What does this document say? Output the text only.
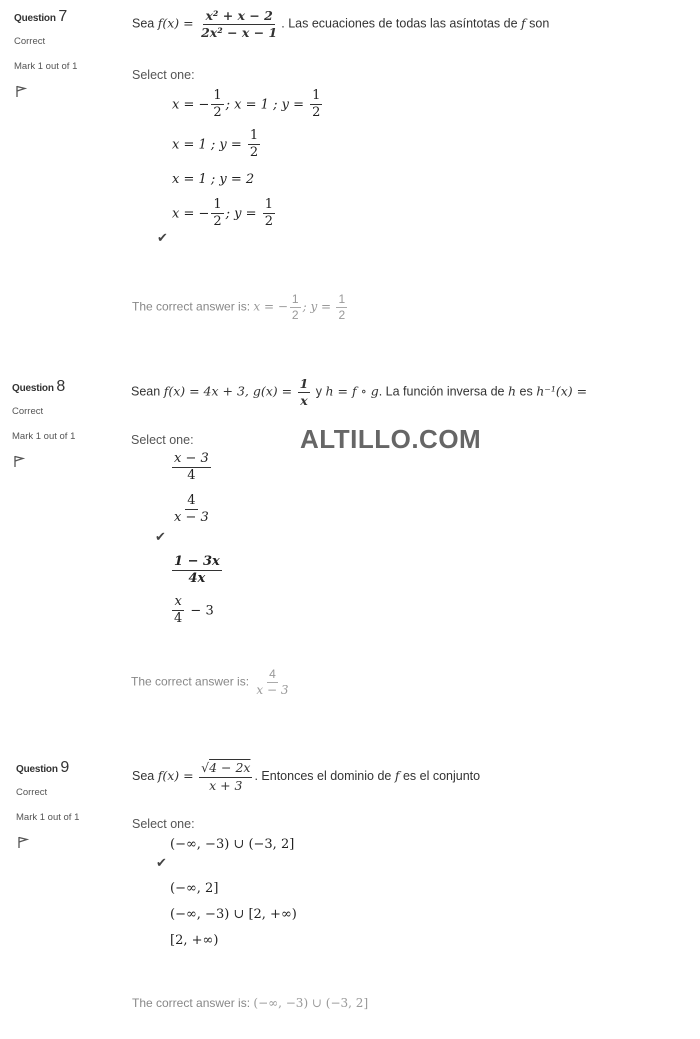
ALTILLO.COM
Question 7
Correct
Mark 1 out of 1
Sea $f(x) = \frac{\text{x² + x − 2}}{\text{2x² − x − 1}}$ . Las ecuaciones de todas las asíntotas de f son
Select one:
x = − $\frac{1}{2}$ ; x = 1 ; $y = \frac{1}{2}$
x = 1 ; $y = \frac{1}{2}$
x = 1 ; y = 2
x = − $\frac{1}{2}$ ; $y = \frac{1}{2}$
✔
The correct answer is: x = − $\frac{1}{2}$ ; $y = \frac{1}{2}$
Question 8
Correct
Mark 1 out of 1
Sean f(x) = 4x + 3, $g(x) = \frac{1}{x}$ y h = f ∘ g. La función inversa de h es h⁻¹(x) =
Select one:
$\frac{x - 3}{4}$
$\frac{4}{x - 3}$
✔
$\frac{1 - 3x}{4x}$
$\frac{x}{4} - 3$
The correct answer is: $\frac{4}{x - 3}$
Question 9
Correct
Mark 1 out of 1
Sea $f(x) = \frac{√4 - 2x}{x + 3}$ . Entonces el dominio de f es el conjunto
Select one:
(−∞, −3) ∪ (−3, 2]
✔
(−∞, 2]
(−∞, −3) ∪ [2, +∞)
[2, +∞)
The correct answer is: (−∞, −3) ∪ (−3, 2]
